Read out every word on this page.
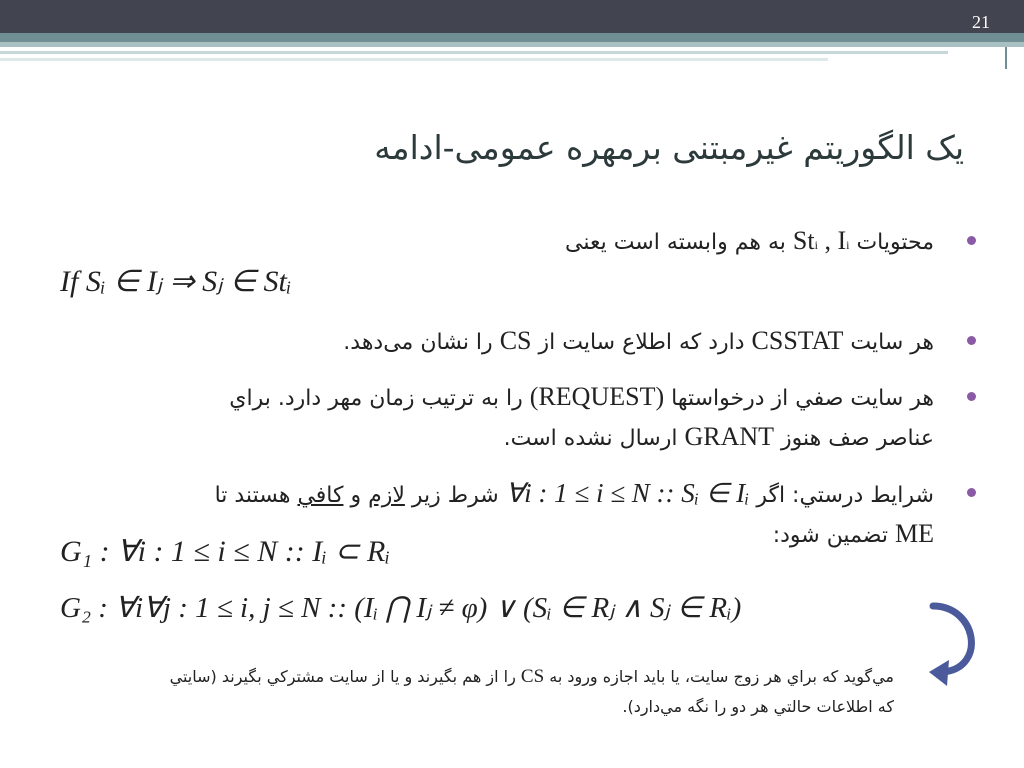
21
یک الگوریتم غیرمبتنی برمهره عمومی-ادامه
محتویات Sti , Ii به هم وابسته است یعنی
If Sᵢ ∈ Iⱼ ⇒ Sⱼ ∈ Stᵢ
هر سایت CSSTAT دارد که اطلاع سایت از CS را نشان می‌دهد.
هر سایت صفي از درخواستها (REQUEST) را به ترتیب زمان مهر دارد. براي
عناصر صف هنوز GRANT ارسال نشده است.
شرایط درستي: اگر ∀i : 1 ≤ i ≤ N :: Sᵢ ∈ Iᵢ شرط زیر لازم و کافي هستند تا
ME تضمین شود:
G₁ : ∀i : 1 ≤ i ≤ N :: Iᵢ ⊂ Rᵢ
G₂ : ∀i∀j : 1 ≤ i, j ≤ N :: (Iᵢ ⋂ Iⱼ ≠ φ) ∨ (Sᵢ ∈ Rⱼ ∧ Sⱼ ∈ Rᵢ)
مي‌گوید که براي هر زوج سایت، یا باید اجازه ورود به CS را از هم بگیرند و یا از سایت مشترکي بگیرند (سایتي
که اطلاعات حالتي هر دو را نگه مي‌دارد).
